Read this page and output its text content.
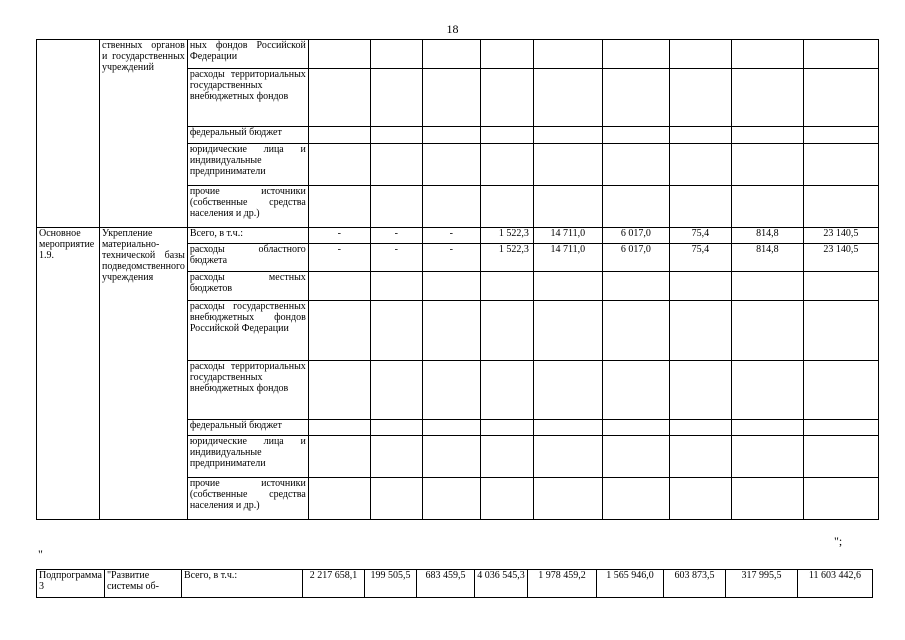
18
	ственных органов и государственных учреждений	ных фондов Российской Федерации									
		расходы территориальных государственных внебюджетных фондов									
		федеральный бюджет									
		юридические лица и индивидуальные предприниматели									
		прочие источники (собственные средства населения и др.)									
Основное мероприятие 1.9.	Укрепление материально-технической базы подведомственного учреждения	Всего, в т.ч.:	-	-	-	1 522,3	14 711,0	6 017,0	75,4	814,8	23 140,5
		расходы областного бюджета	-	-	-	1 522,3	14 711,0	6 017,0	75,4	814,8	23 140,5
		расходы местных бюджетов									
		расходы государственных внебюджетных фондов Российской Федерации									
		расходы территориальных государственных внебюджетных фондов									
		федеральный бюджет									
		юридические лица и индивидуальные предприниматели									
		прочие источники (собственные средства населения и др.)									
";
"
Подпрограмма 3	"Развитие системы об-	Всего, в т.ч.:	2 217 658,1	199 505,5	683 459,5	4 036 545,3	1 978 459,2	1 565 946,0	603 873,5	317 995,5	11 603 442,6
